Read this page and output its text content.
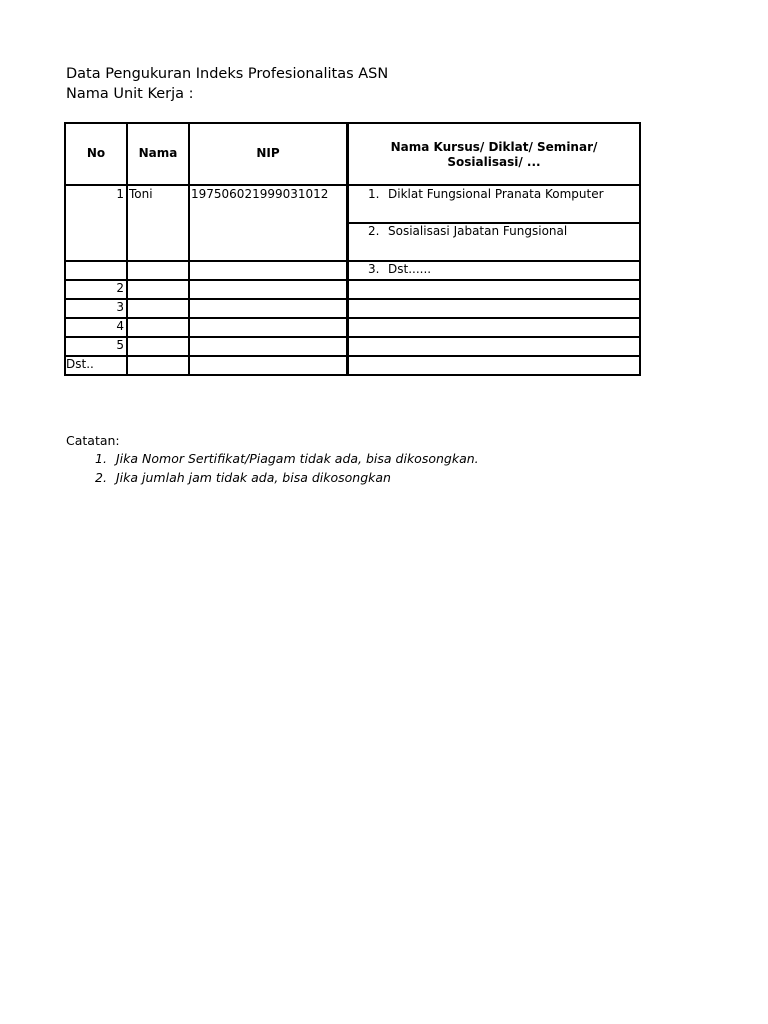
Data Pengukuran Indeks Profesionalitas ASN
Nama Unit Kerja :
No	Nama	NIP	Nama Kursus/ Diklat/ Seminar/
Sosialisasi/ ...
1 Toni	197506021999031012	1. Diklat Fungsional Pranata Komputer
2. Sosialisasi Jabatan Fungsional
3. Dst......
2
3
4
5
Dst..
Catatan:
1. Jika Nomor Sertifikat/Piagam tidak ada, bisa dikosongkan.
2. Jika jumlah jam tidak ada, bisa dikosongkan
